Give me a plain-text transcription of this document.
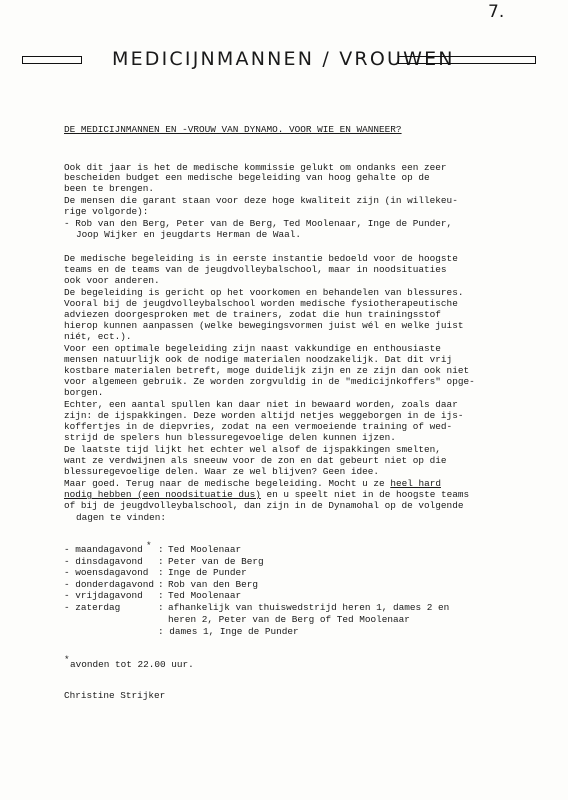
7.
MEDICIJNMANNEN / VROUWEN
DE MEDICIJNMANNEN EN -VROUW VAN DYNAMO. VOOR WIE EN WANNEER?
Ook dit jaar is het de medische kommissie gelukt om ondanks een zeer
bescheiden budget een medische begeleiding van hoog gehalte op de
been te brengen.
De mensen die garant staan voor deze hoge kwaliteit zijn (in willekeu-
rige volgorde):
- Rob van den Berg, Peter van de Berg, Ted Moolenaar, Inge de Punder,
Joop Wijker en jeugdarts Herman de Waal.
De medische begeleiding is in eerste instantie bedoeld voor de hoogste
teams en de teams van de jeugdvolleybalschool, maar in noodsituaties
ook voor anderen.
De begeleiding is gericht op het voorkomen en behandelen van blessures.
Vooral bij de jeugdvolleybalschool worden medische fysiotherapeutische
adviezen doorgesproken met de trainers, zodat die hun trainingsstof
hierop kunnen aanpassen (welke bewegingsvormen juist wél en welke juist
niét, ect.).
Voor een optimale begeleiding zijn naast vakkundige en enthousiaste
mensen natuurlijk ook de nodige materialen noodzakelijk. Dat dit vrij
kostbare materialen betreft, moge duidelijk zijn en ze zijn dan ook niet
voor algemeen gebruik. Ze worden zorgvuldig in de "medicijnkoffers" opge-
borgen.
Echter, een aantal spullen kan daar niet in bewaard worden, zoals daar
zijn: de ijspakkingen. Deze worden altijd netjes weggeborgen in de ijs-
koffertjes in de diepvries, zodat na een vermoeiende training of wed-
strijd de spelers hun blessuregevoelige delen kunnen ijzen.
De laatste tijd lijkt het echter wel alsof de ijspakkingen smelten,
want ze verdwijnen als sneeuw voor de zon en dat gebeurt niet op die
blessuregevoelige delen. Waar ze wel blijven? Geen idee.
Maar goed. Terug naar de medische begeleiding. Mocht u ze heel hard
nodig hebben (een noodsituatie dus) en u speelt niet in de hoogste teams
of bij de jeugdvolleybalschool, dan zijn in de Dynamohal op de volgende
dagen te vinden:
- maandagavond * : Ted Moolenaar
- dinsdagavond : Peter van de Berg
- woensdagavond : Inge de Punder
- donderdagavond : Rob van den Berg
- vrijdagavond : Ted Moolenaar
- zaterdag	: afhankelijk van thuiswedstrijd heren 1, dames 2 en
heren 2, Peter van de Berg of Ted Moolenaar
: dames 1, Inge de Punder
* avonden tot 22.00 uur.
Christine Strijker
